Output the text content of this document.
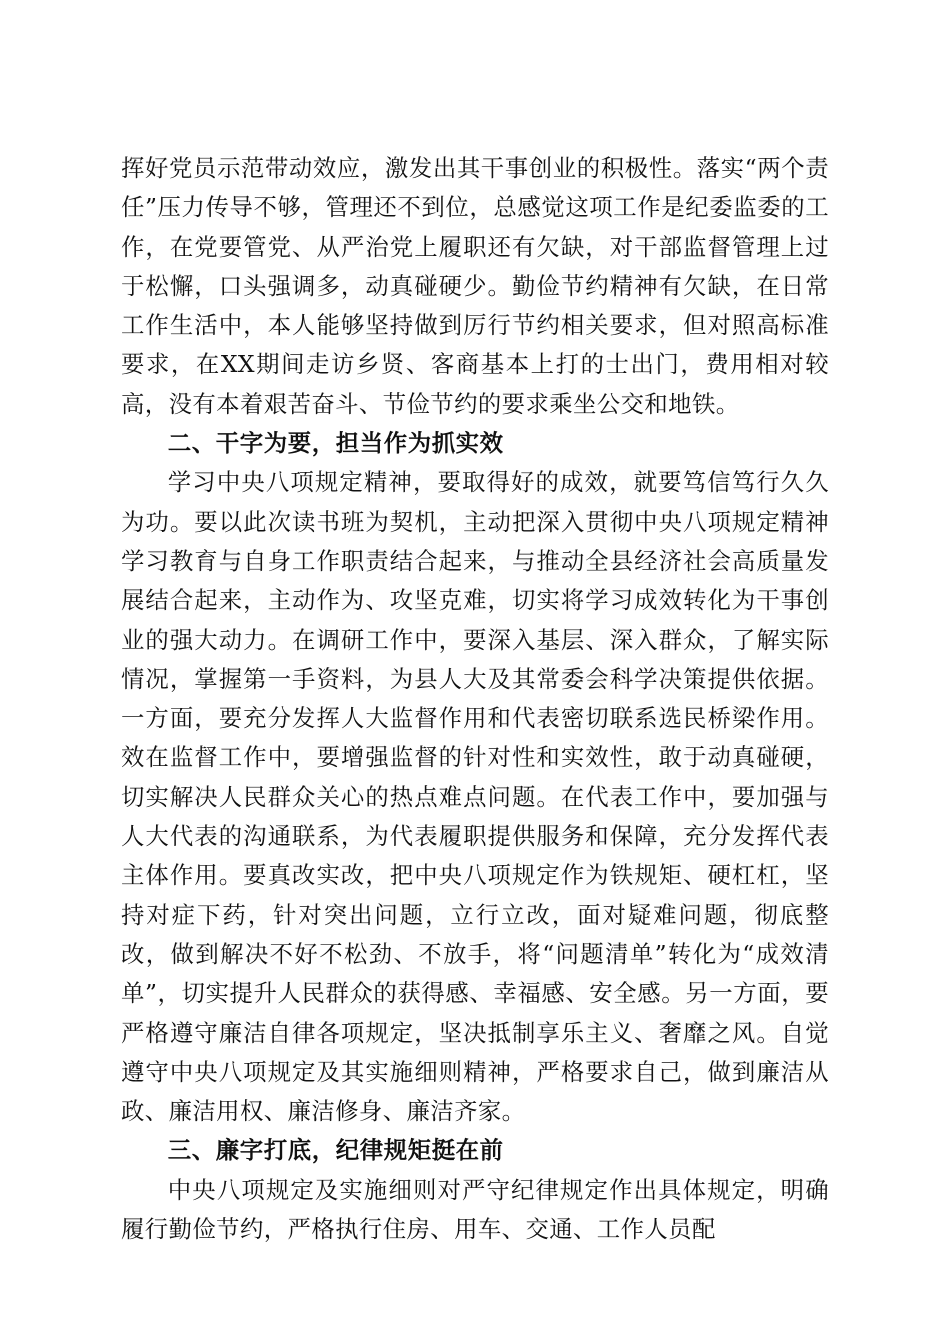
挥好党员示范带动效应，激发出其干事创业的积极性。落实“两个责任”压力传导不够，管理还不到位，总感觉这项工作是纪委监委的工作，在党要管党、从严治党上履职还有欠缺，对干部监督管理上过于松懈，口头强调多，动真碰硬少。勤俭节约精神有欠缺，在日常工作生活中，本人能够坚持做到厉行节约相关要求，但对照高标准要求，在XX期间走访乡贤、客商基本上打的士出门，费用相对较高，没有本着艰苦奋斗、节俭节约的要求乘坐公交和地铁。

二、干字为要，担当作为抓实效

学习中央八项规定精神，要取得好的成效，就要笃信笃行久久为功。要以此次读书班为契机，主动把深入贯彻中央八项规定精神学习教育与自身工作职责结合起来，与推动全县经济社会高质量发展结合起来，主动作为、攻坚克难，切实将学习成效转化为干事创业的强大动力。在调研工作中，要深入基层、深入群众，了解实际情况，掌握第一手资料，为县人大及其常委会科学决策提供依据。一方面，要充分发挥人大监督作用和代表密切联系选民桥梁作用。效在监督工作中，要增强监督的针对性和实效性，敢于动真碰硬，切实解决人民群众关心的热点难点问题。在代表工作中，要加强与人大代表的沟通联系，为代表履职提供服务和保障，充分发挥代表主体作用。要真改实改，把中央八项规定作为铁规矩、硬杠杠，坚持对症下药，针对突出问题，立行立改，面对疑难问题，彻底整改，做到解决不好不松劲、不放手，将“问题清单”转化为“成效清单”，切实提升人民群众的获得感、幸福感、安全感。另一方面，要严格遵守廉洁自律各项规定，坚决抵制享乐主义、奢靡之风。自觉遵守中央八项规定及其实施细则精神，严格要求自己，做到廉洁从政、廉洁用权、廉洁修身、廉洁齐家。

三、廉字打底，纪律规矩挺在前

中央八项规定及实施细则对严守纪律规定作出具体规定，明确履行勤俭节约，严格执行住房、用车、交通、工作人员配
